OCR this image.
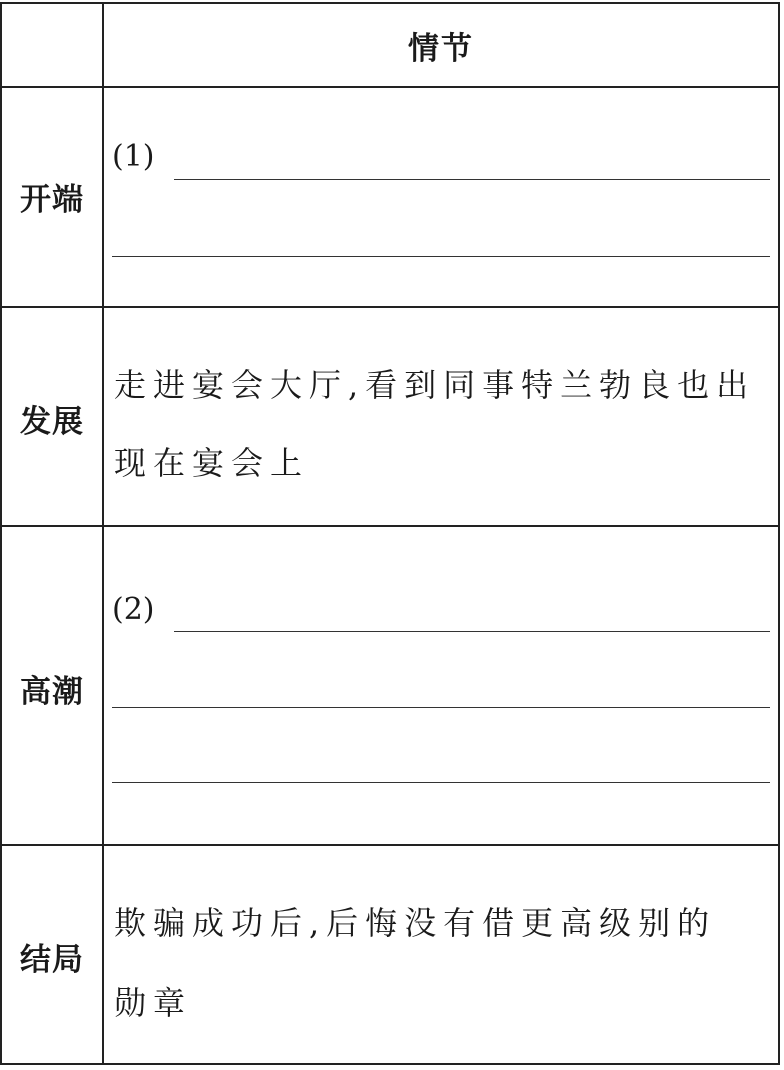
情节
开端
(1)
发展
走进宴会大厅,看到同事特兰勃良也出
现在宴会上
高潮
(2)
结局
欺骗成功后,后悔没有借更高级别的
勋章
